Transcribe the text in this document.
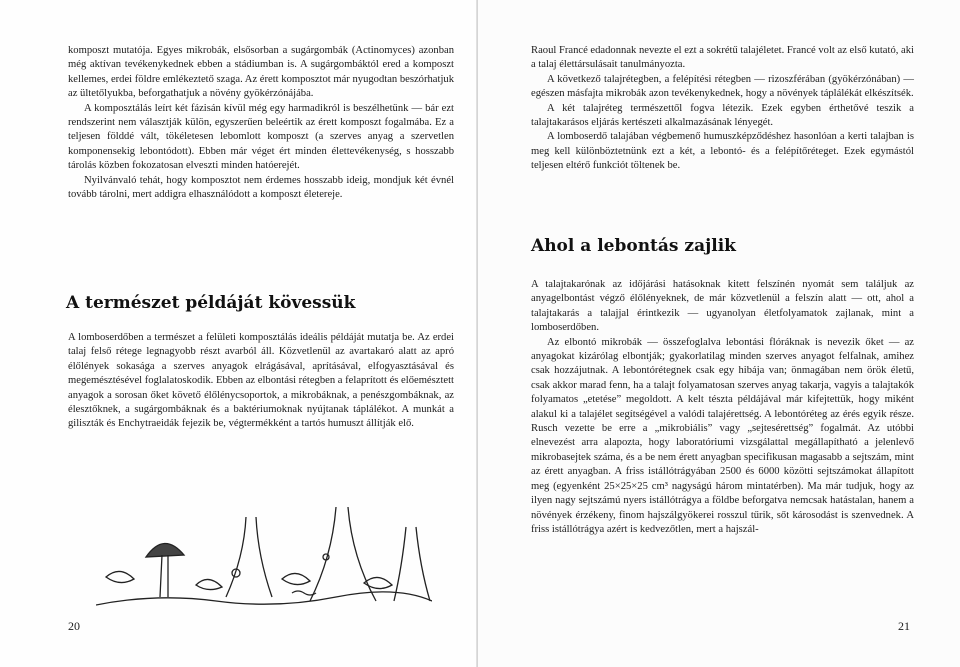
komposzt mutatója. Egyes mikrobák, elsősorban a sugárgombák (Actinomyces) azonban még aktívan tevékenykednek ebben a stádiumban is. A sugárgombáktól ered a komposzt kellemes, erdei földre emlékeztető szaga. Az érett komposztot már nyugodtan beszórhatjuk az ültetőlyukba, beforgathatjuk a növény gyökérzónájába.

A komposztálás leírt két fázisán kívül még egy harmadikról is beszélhetünk — bár ezt rendszerint nem választják külön, egyszerűen beleértik az érett komposzt fogalmába. Ez a teljesen földdé vált, tökéletesen lebomlott komposzt (a szerves anyag a szervetlen komponensekig lebontódott). Ebben már véget ért minden élettevékenység, s hosszabb tárolás közben fokozatosan elveszti minden hatóerejét.

Nyilvánvaló tehát, hogy komposztot nem érdemes hosszabb ideig, mondjuk két évnél tovább tárolni, mert addigra elhasználódott a komposzt életereje.

A természet példáját kövessük

A lomboserdőben a természet a felületi komposztálás ideális példáját mutatja be. Az erdei talaj felső rétege legnagyobb részt avarból áll. Közvetlenül az avartakaró alatt az apró élőlények sokasága a szerves anyagok elrágásával, aprításával, elfogyasztásával és megemésztésével foglalatoskodik. Ebben az elbontási rétegben a felaprított és előemésztett anyagok a sorosan őket követő élőlénycsoportok, a mikrobáknak, a penészgombáknak, az élesztőknek, a sugárgombáknak és a baktériumoknak nyújtanak táplálékot. A munkát a giliszták és Enchytraeidák fejezik be, végtermékként a tartós humuszt állítják elő.

20

Raoul Francé edadonnak nevezte el ezt a sokrétű talajéletet. Francé volt az első kutató, aki a talaj élettársulásait tanulmányozta.

A következő talajrétegben, a felépítési rétegben — rizoszférában (gyökérzónában) — egészen másfajta mikrobák azon tevékenykednek, hogy a növények táplálékát elkészítsék.

A két talajréteg természettől fogva létezik. Ezek egyben érthetővé teszik a talajtakarásos eljárás kertészeti alkalmazásának lényegét.

A lomboserdő talajában végbemenő humuszképződéshez hasonlóan a kerti talajban is meg kell különböztetnünk ezt a két, a lebontó- és a felépítőréteget. Ezek egymástól teljesen eltérő funkciót töltenek be.

Ahol a lebontás zajlik

A talajtakarónak az időjárási hatásoknak kitett felszínén nyomát sem találjuk az anyagelbontást végző élőlényeknek, de már közvetlenül a felszín alatt — ott, ahol a talajtakarás a talajjal érintkezik — ugyanolyan életfolyamatok zajlanak, mint a lomboserdőben.

Az elbontó mikrobák — összefoglalva lebontási flóráknak is nevezik őket — az anyagokat kizárólag elbontják; gyakorlatilag minden szerves anyagot felfalnak, amihez csak hozzájutnak. A lebontórétegnek csak egy hibája van; önmagában nem örök életű, csak akkor marad fenn, ha a talajt folyamatosan szerves anyag takarja, vagyis a talajtakók folyamatos „etetése” megoldott. A kelt tészta példájával már kifejtettük, hogy miként alakul ki a talajélet segítségével a valódi talajérettség. A lebontóréteg az érés egyik része. Rusch vezette be erre a „mikrobiális” vagy „sejtesérettség” fogalmát. Az utóbbi elnevezést arra alapozta, hogy laboratóriumi vizsgálattal megállapítható a jelenlevő mikrobasejtek száma, és a be nem érett anyagban specifikusan magasabb a sejtszám, mint az érett anyagban. A friss istállótrágyában 2500 és 6000 közötti sejtszámokat állapított meg (egyenként 25×25×25 cm³ nagyságú három mintatérben). Ma már tudjuk, hogy az ilyen nagy sejtszámú nyers istállótrágya a földbe beforgatva nemcsak hatástalan, hanem a növények érzékeny, finom hajszálgyökerei rosszul tűrik, sőt károsodást is szenvednek. A friss istállótrágya azért is kedvezőtlen, mert a hajszál-

21
